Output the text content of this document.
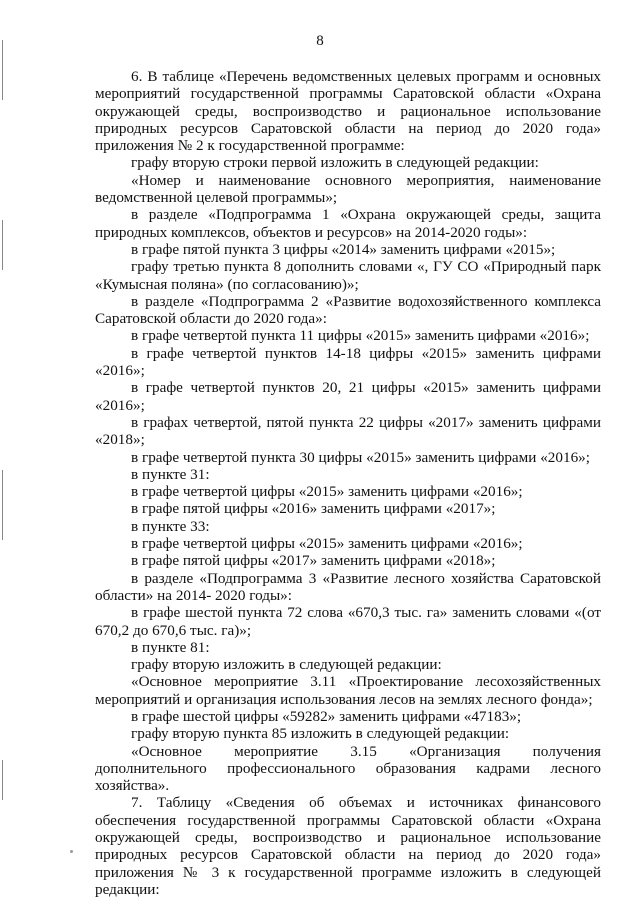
8

6. В таблице «Перечень ведомственных целевых программ и основных мероприятий государственной программы Саратовской области «Охрана окружающей среды, воспроизводство и рациональное использование природных ресурсов Саратовской области на период до 2020 года» приложения № 2 к государственной программе:

графу вторую строки первой изложить в следующей редакции:

«Номер и наименование основного мероприятия, наименование ведомственной целевой программы»;

в разделе «Подпрограмма 1 «Охрана окружающей среды, защита природных комплексов, объектов и ресурсов» на 2014-2020 годы»:

в графе пятой пункта 3 цифры «2014» заменить цифрами «2015»;

графу третью пункта 8 дополнить словами «, ГУ СО «Природный парк «Кумысная поляна» (по согласованию)»;

в разделе «Подпрограмма 2 «Развитие водохозяйственного комплекса Саратовской области до 2020 года»:

в графе четвертой пункта 11 цифры «2015» заменить цифрами «2016»;

в графе четвертой пунктов 14-18 цифры «2015» заменить цифрами «2016»;

в графе четвертой пунктов 20, 21 цифры «2015» заменить цифрами «2016»;

в графах четвертой, пятой пункта 22 цифры «2017» заменить цифрами «2018»;

в графе четвертой пункта 30 цифры «2015» заменить цифрами «2016»;

в пункте 31:

в графе четвертой цифры «2015» заменить цифрами «2016»;

в графе пятой цифры «2016» заменить цифрами «2017»;

в пункте 33:

в графе четвертой цифры «2015» заменить цифрами «2016»;

в графе пятой цифры «2017» заменить цифрами «2018»;

в разделе «Подпрограмма 3 «Развитие лесного хозяйства Саратовской области» на 2014- 2020 годы»:

в графе шестой пункта 72 слова «670,3 тыс. га» заменить словами «(от 670,2 до 670,6 тыс. га)»;

в пункте 81:

графу вторую изложить в следующей редакции:

«Основное мероприятие 3.11 «Проектирование лесохозяйственных мероприятий и организация использования лесов на землях лесного фонда»;

в графе шестой цифры «59282» заменить цифрами «47183»;

графу вторую пункта 85 изложить в следующей редакции:

«Основное мероприятие 3.15 «Организация получения дополнительного профессионального образования кадрами лесного хозяйства».

7. Таблицу «Сведения об объемах и источниках финансового обеспечения государственной программы Саратовской области «Охрана окружающей среды, воспроизводство и рациональное использование природных ресурсов Саратовской области на период до 2020 года» приложения № 3 к государственной программе изложить в следующей редакции:
